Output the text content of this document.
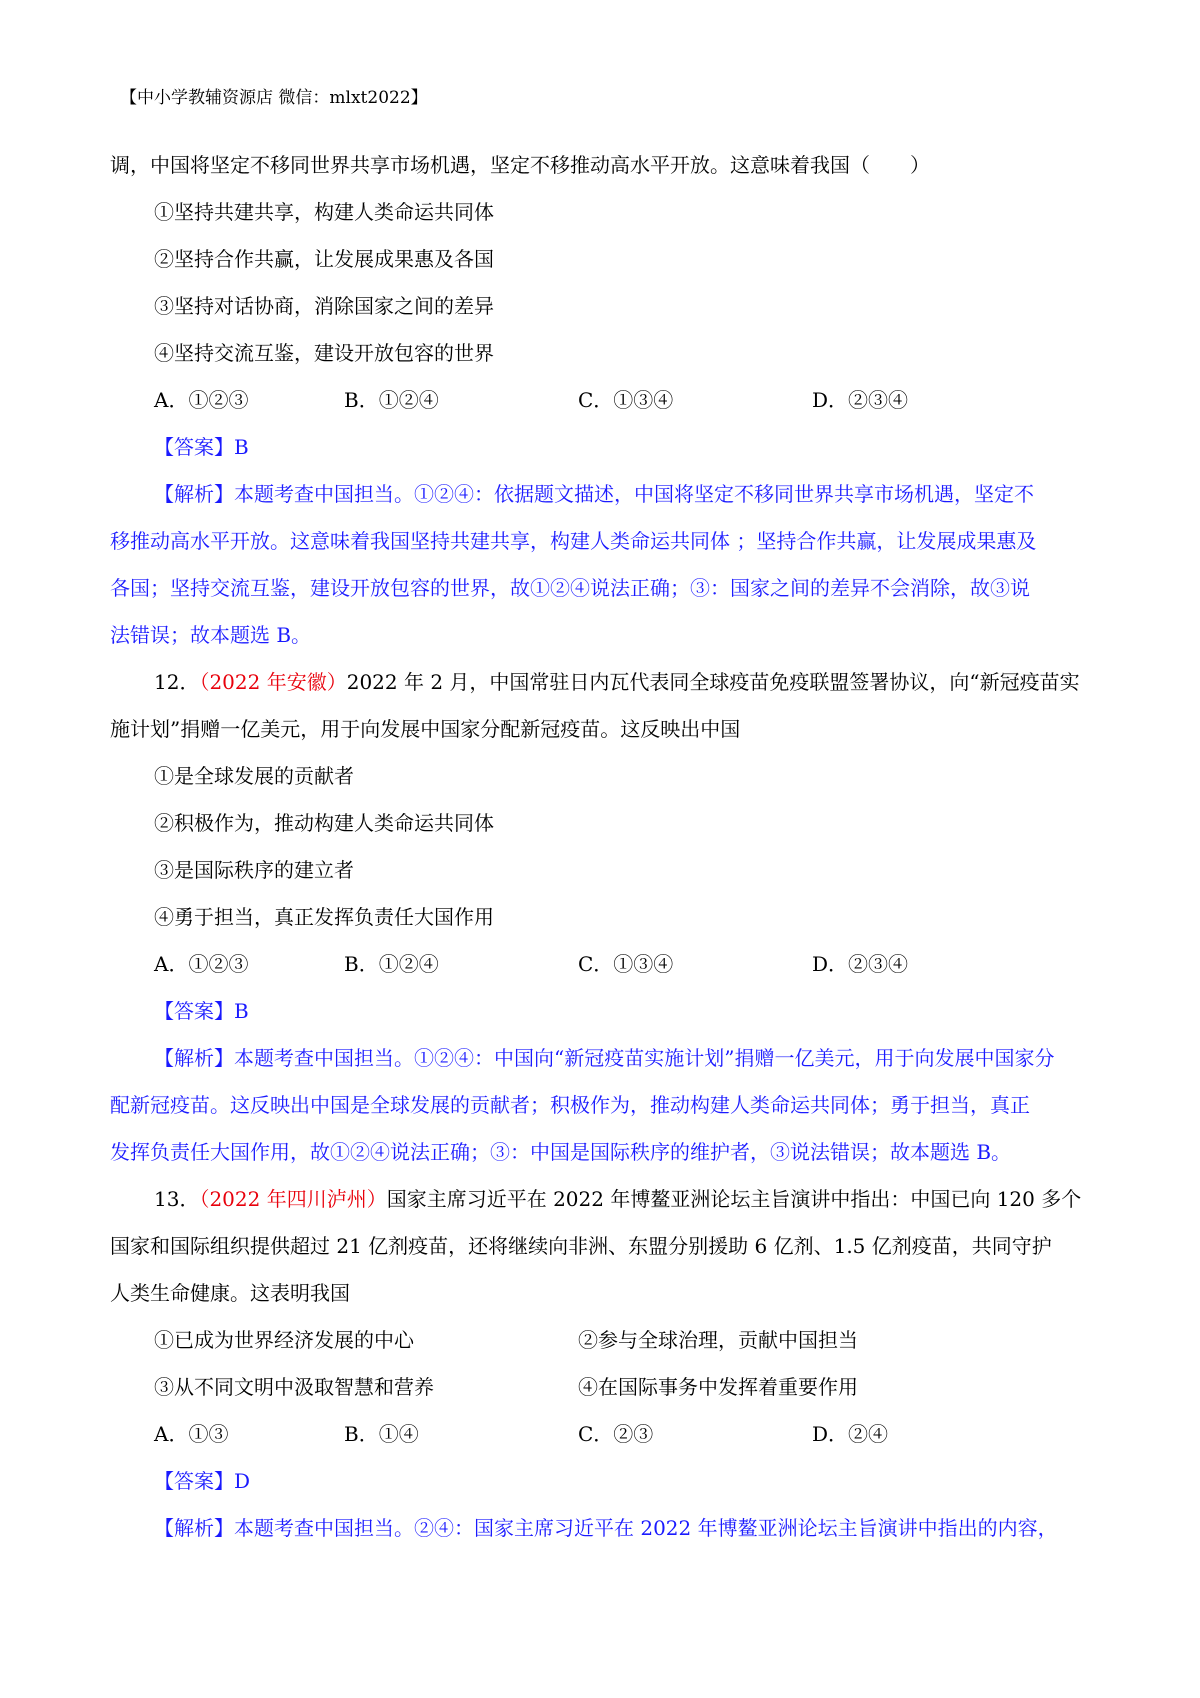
【中小学教辅资源店 微信：mlxt2022】
调，中国将坚定不移同世界共享市场机遇，坚定不移推动高水平开放。这意味着我国（　　）
①坚持共建共享，构建人类命运共同体
②坚持合作共赢，让发展成果惠及各国
③坚持对话协商，消除国家之间的差异
④坚持交流互鉴，建设开放包容的世界
A．①②③	B．①②④	C．①③④	D．②③④
【答案】B
【解析】本题考查中国担当。①②④：依据题文描述，中国将坚定不移同世界共享市场机遇，坚定不
移推动高水平开放。这意味着我国坚持共建共享，构建人类命运共同体 ；坚持合作共赢，让发展成果惠及
各国；坚持交流互鉴，建设开放包容的世界，故①②④说法正确；③：国家之间的差异不会消除，故③说
法错误；故本题选 B。
12．（2022 年安徽）2022 年 2 月，中国常驻日内瓦代表同全球疫苗免疫联盟签署协议，向“新冠疫苗实
施计划”捐赠一亿美元，用于向发展中国家分配新冠疫苗。这反映出中国
①是全球发展的贡献者
②积极作为，推动构建人类命运共同体
③是国际秩序的建立者
④勇于担当，真正发挥负责任大国作用
A．①②③	B．①②④	C．①③④	D．②③④
【答案】B
【解析】本题考查中国担当。①②④：中国向“新冠疫苗实施计划”捐赠一亿美元，用于向发展中国家分
配新冠疫苗。这反映出中国是全球发展的贡献者；积极作为，推动构建人类命运共同体；勇于担当，真正
发挥负责任大国作用，故①②④说法正确；③：中国是国际秩序的维护者，③说法错误；故本题选 B。
13．（2022 年四川泸州）国家主席习近平在 2022 年博鳌亚洲论坛主旨演讲中指出：中国已向 120 多个
国家和国际组织提供超过 21 亿剂疫苗，还将继续向非洲、东盟分别援助 6 亿剂、1.5 亿剂疫苗，共同守护
人类生命健康。这表明我国
①已成为世界经济发展的中心	②参与全球治理，贡献中国担当
③从不同文明中汲取智慧和营养	④在国际事务中发挥着重要作用
A．①③	B．①④	C．②③	D．②④
【答案】D
【解析】本题考查中国担当。②④：国家主席习近平在 2022 年博鳌亚洲论坛主旨演讲中指出的内容，
